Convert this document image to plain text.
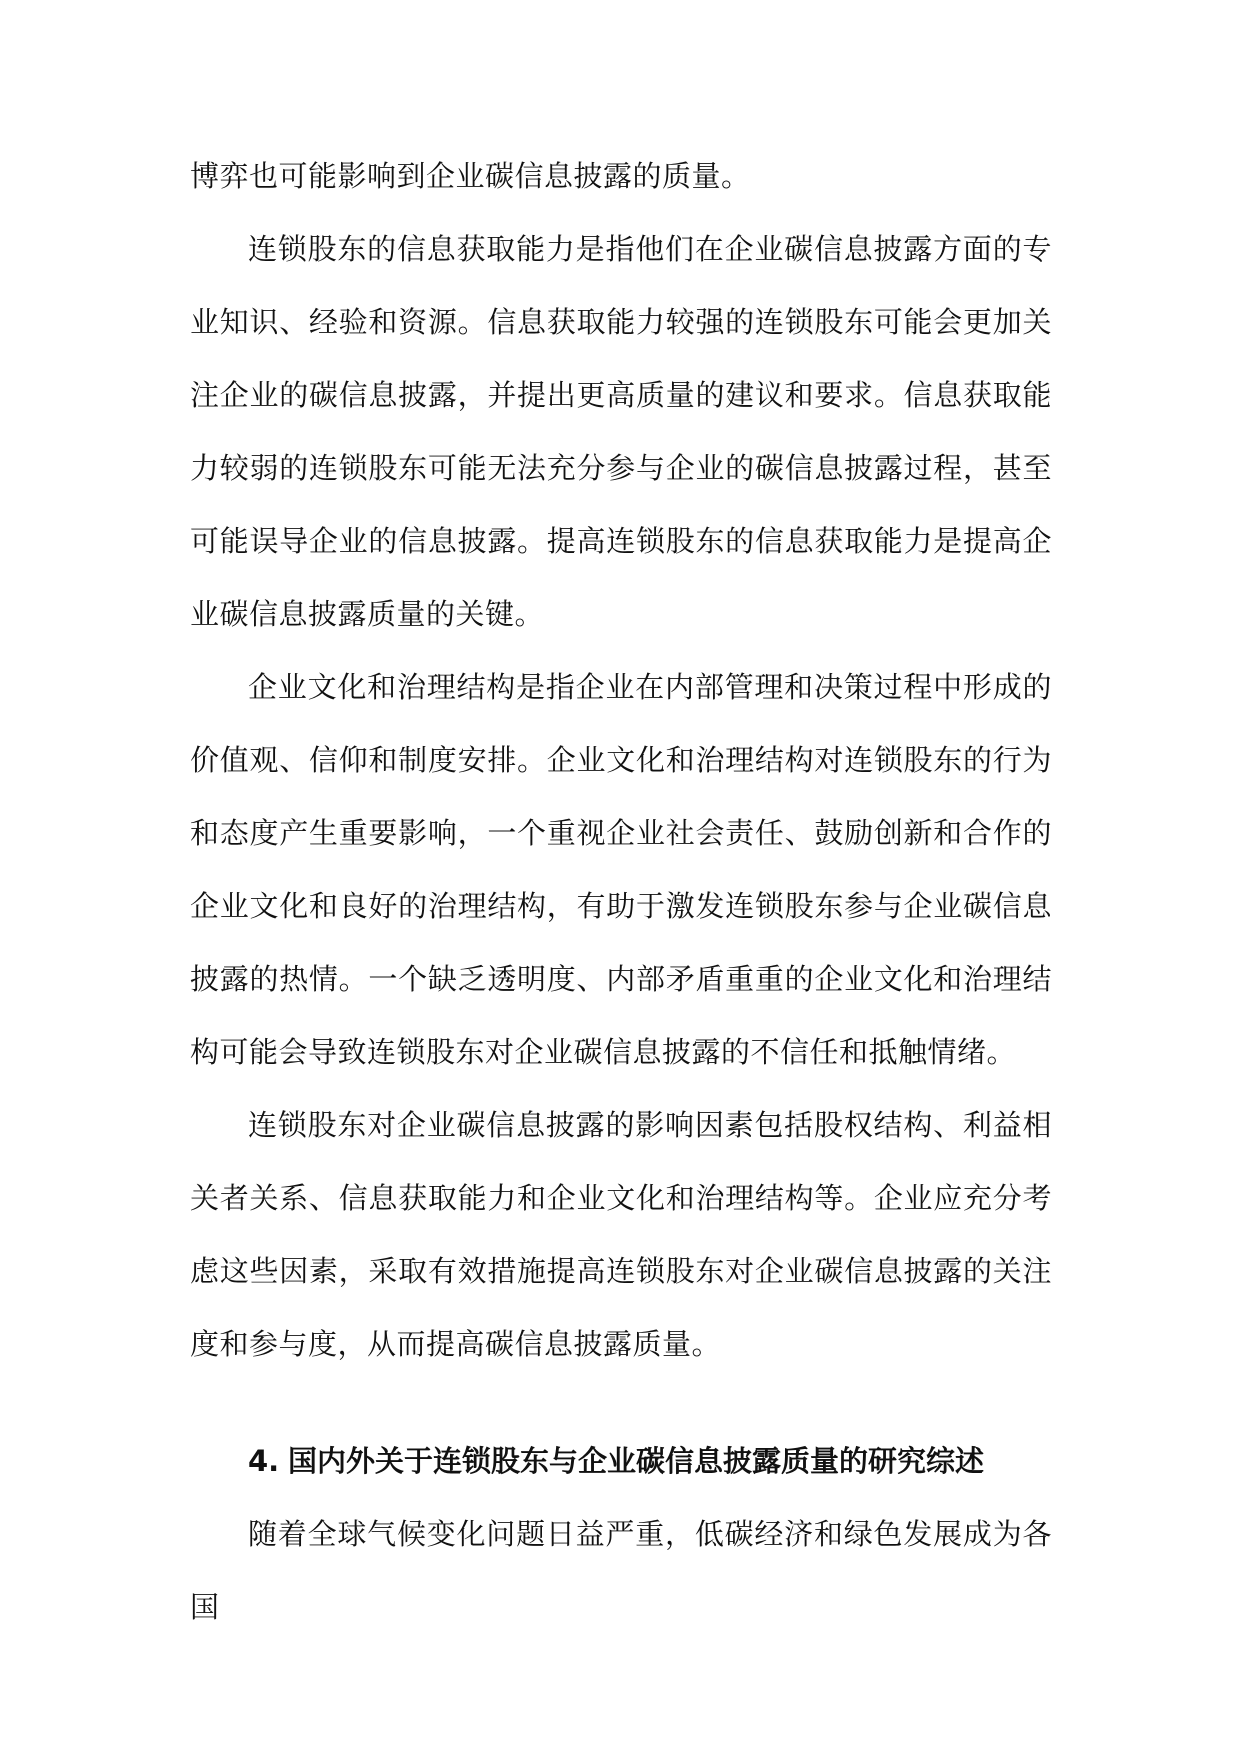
博弈也可能影响到企业碳信息披露的质量。

连锁股东的信息获取能力是指他们在企业碳信息披露方面的专业知识、经验和资源。信息获取能力较强的连锁股东可能会更加关注企业的碳信息披露，并提出更高质量的建议和要求。信息获取能力较弱的连锁股东可能无法充分参与企业的碳信息披露过程，甚至可能误导企业的信息披露。提高连锁股东的信息获取能力是提高企业碳信息披露质量的关键。

企业文化和治理结构是指企业在内部管理和决策过程中形成的价值观、信仰和制度安排。企业文化和治理结构对连锁股东的行为和态度产生重要影响，一个重视企业社会责任、鼓励创新和合作的企业文化和良好的治理结构，有助于激发连锁股东参与企业碳信息披露的热情。一个缺乏透明度、内部矛盾重重的企业文化和治理结构可能会导致连锁股东对企业碳信息披露的不信任和抵触情绪。

连锁股东对企业碳信息披露的影响因素包括股权结构、利益相关者关系、信息获取能力和企业文化和治理结构等。企业应充分考虑这些因素，采取有效措施提高连锁股东对企业碳信息披露的关注度和参与度，从而提高碳信息披露质量。

4. 国内外关于连锁股东与企业碳信息披露质量的研究综述

随着全球气候变化问题日益严重，低碳经济和绿色发展成为各国
